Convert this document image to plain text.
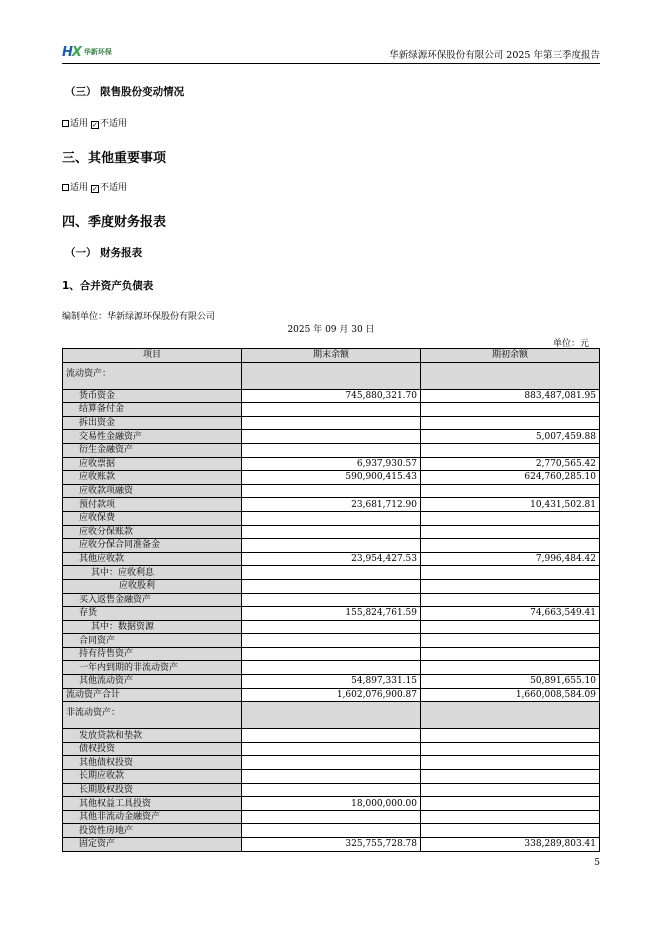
HX 华新环保	华新绿源环保股份有限公司 2025 年第三季度报告
（三） 限售股份变动情况
适用 ✓ 不适用
三、其他重要事项
适用 ✓ 不适用
四、季度财务报表
（一） 财务报表
1、合并资产负债表
编制单位：华新绿源环保股份有限公司
2025 年 09 月 30 日
单位：元
项目	期末余额	期初余额
流动资产：		
货币资金	745,880,321.70	883,487,081.95
结算备付金		
拆出资金		
交易性金融资产		5,007,459.88
衍生金融资产		
应收票据	6,937,930.57	2,770,565.42
应收账款	590,900,415.43	624,760,285.10
应收款项融资		
预付款项	23,681,712.90	10,431,502.81
应收保费		
应收分保账款		
应收分保合同准备金		
其他应收款	23,954,427.53	7,996,484.42
其中：应收利息		
应收股利		
买入返售金融资产		
存货	155,824,761.59	74,663,549.41
其中：数据资源		
合同资产		
持有待售资产		
一年内到期的非流动资产		
其他流动资产	54,897,331.15	50,891,655.10
流动资产合计	1,602,076,900.87	1,660,008,584.09
非流动资产：		
发放贷款和垫款		
债权投资		
其他债权投资		
长期应收款		
长期股权投资		
其他权益工具投资	18,000,000.00	
其他非流动金融资产		
投资性房地产		
固定资产	325,755,728.78	338,289,803.41
5
